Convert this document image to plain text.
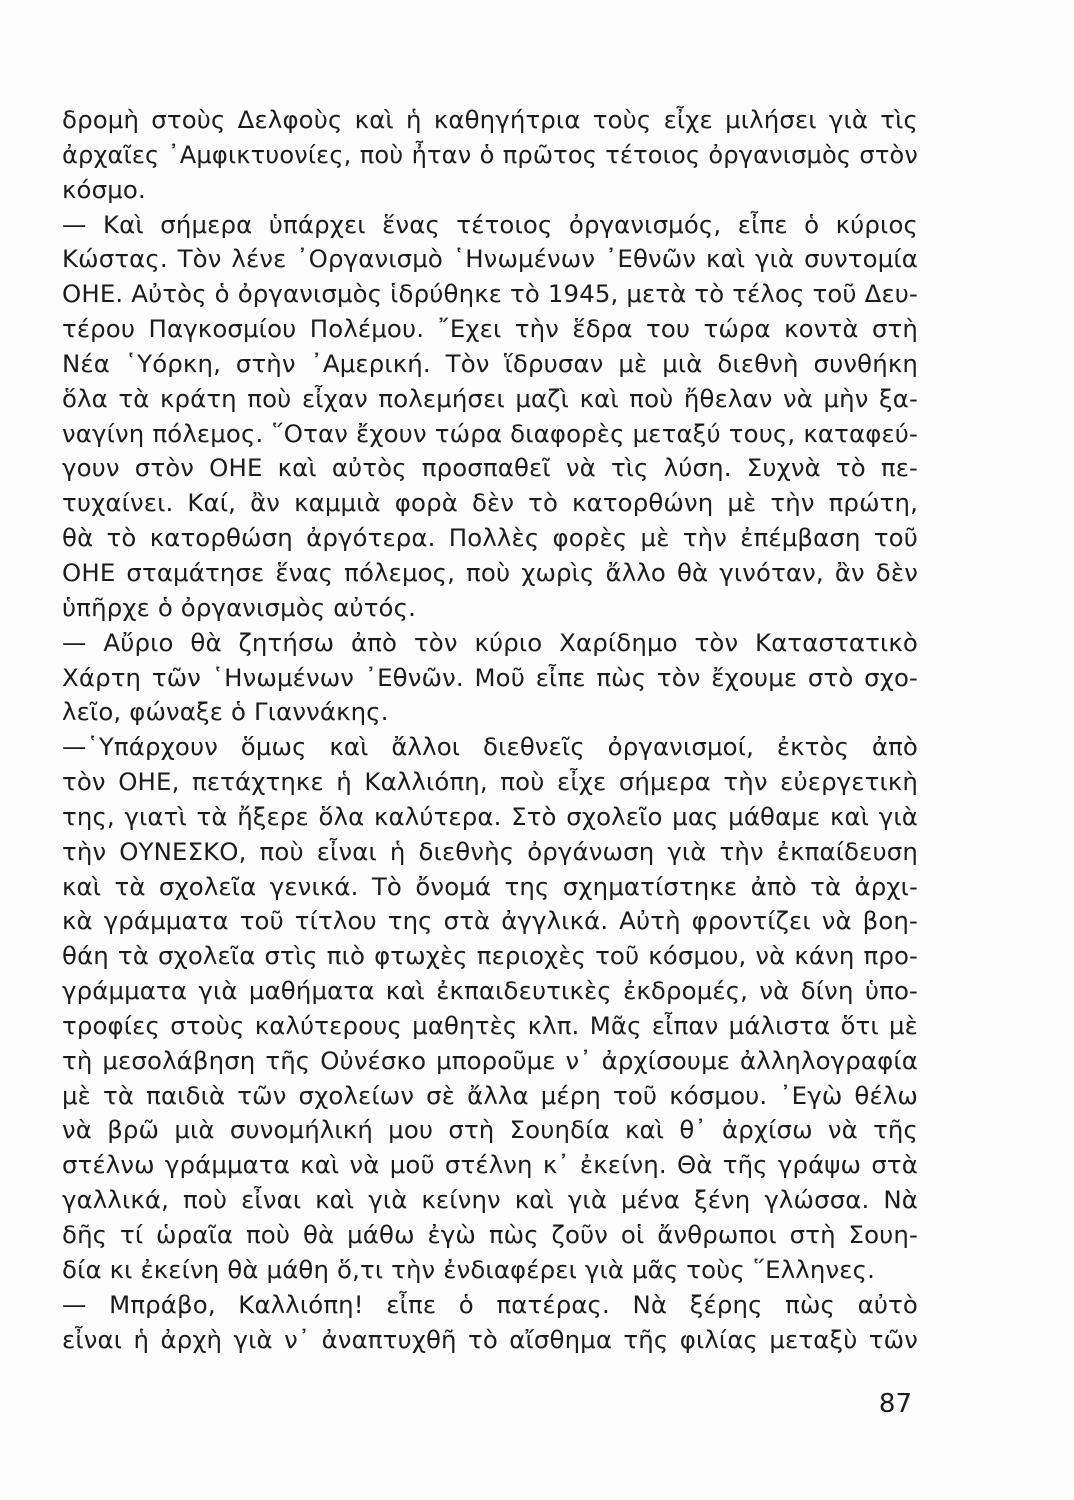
δρομὴ στοὺς Δελφοὺς καὶ ἡ καθηγήτρια τοὺς εἶχε μιλήσει γιὰ τὶς
ἀρχαῖες ᾿Αμφικτυονίες, ποὺ ἦταν ὁ πρῶτος τέτοιος ὀργανισμὸς στὸν
κόσμο.
— Καὶ σήμερα ὑπάρχει ἕνας τέτοιος ὀργανισμός, εἶπε ὁ κύριος
Κώστας. Τὸν λένε ᾿Οργανισμὸ ῾Ηνωμένων ᾿Εθνῶν καὶ γιὰ συντομία
ΟΗΕ. Αὐτὸς ὁ ὀργανισμὸς ἱδρύθηκε τὸ 1945, μετὰ τὸ τέλος τοῦ Δευ-
τέρου Παγκοσμίου Πολέμου. ῎Εχει τὴν ἕδρα του τώρα κοντὰ στὴ
Νέα ῾Υόρκη, στὴν ᾿Αμερική. Τὸν ἵδρυσαν μὲ μιὰ διεθνὴ συνθήκη
ὅλα τὰ κράτη ποὺ εἶχαν πολεμήσει μαζὶ καὶ ποὺ ἤθελαν νὰ μὴν ξα-
ναγίνη πόλεμος. ῞Οταν ἔχουν τώρα διαφορὲς μεταξύ τους, καταφεύ-
γουν στὸν ΟΗΕ καὶ αὐτὸς προσπαθεῖ νὰ τὶς λύση. Συχνὰ τὸ πε-
τυχαίνει. Καί, ἂν καμμιὰ φορὰ δὲν τὸ κατορθώνη μὲ τὴν πρώτη,
θὰ τὸ κατορθώση ἀργότερα. Πολλὲς φορὲς μὲ τὴν ἐπέμβαση τοῦ
ΟΗΕ σταμάτησε ἕνας πόλεμος, ποὺ χωρὶς ἄλλο θὰ γινόταν, ἂν δὲν
ὑπῆρχε ὁ ὀργανισμὸς αὐτός.
— Αὔριο θὰ ζητήσω ἀπὸ τὸν κύριο Χαρίδημο τὸν Καταστατικὸ
Χάρτη τῶν ῾Ηνωμένων ᾿Εθνῶν. Μοῦ εἶπε πὼς τὸν ἔχουμε στὸ σχο-
λεῖο, φώναξε ὁ Γιαννάκης.
—῾Υπάρχουν ὅμως καὶ ἄλλοι διεθνεῖς ὀργανισμοί, ἐκτὸς ἀπὸ
τὸν ΟΗΕ, πετάχτηκε ἡ Καλλιόπη, ποὺ εἶχε σήμερα τὴν εὐεργετικὴ
της, γιατὶ τὰ ἤξερε ὅλα καλύτερα. Στὸ σχολεῖο μας μάθαμε καὶ γιὰ
τὴν ΟΥΝΕΣΚΟ, ποὺ εἶναι ἡ διεθνὴς ὀργάνωση γιὰ τὴν ἐκπαίδευση
καὶ τὰ σχολεῖα γενικά. Τὸ ὄνομά της σχηματίστηκε ἀπὸ τὰ ἀρχι-
κὰ γράμματα τοῦ τίτλου της στὰ ἀγγλικά. Αὐτὴ φροντίζει νὰ βοη-
θάη τὰ σχολεῖα στὶς πιὸ φτωχὲς περιοχὲς τοῦ κόσμου, νὰ κάνη προ-
γράμματα γιὰ μαθήματα καὶ ἐκπαιδευτικὲς ἐκδρομές, νὰ δίνη ὑπο-
τροφίες στοὺς καλύτερους μαθητὲς κλπ. Μᾶς εἶπαν μάλιστα ὅτι μὲ
τὴ μεσολάβηση τῆς Οὐνέσκο μποροῦμε ν᾿ ἀρχίσουμε ἀλληλογραφία
μὲ τὰ παιδιὰ τῶν σχολείων σὲ ἄλλα μέρη τοῦ κόσμου. ᾿Εγὼ θέλω
νὰ βρῶ μιὰ συνομήλική μου στὴ Σουηδία καὶ θ᾿ ἀρχίσω νὰ τῆς
στέλνω γράμματα καὶ νὰ μοῦ στέλνη κ᾿ ἐκείνη. Θὰ τῆς γράψω στὰ
γαλλικά, ποὺ εἶναι καὶ γιὰ κείνην καὶ γιὰ μένα ξένη γλώσσα. Νὰ
δῆς τί ὡραῖα ποὺ θὰ μάθω ἐγὼ πὼς ζοῦν οἱ ἄνθρωποι στὴ Σουη-
δία κι ἐκείνη θὰ μάθη ὅ,τι τὴν ἐνδιαφέρει γιὰ μᾶς τοὺς ῞Ελληνες.
— Μπράβο, Καλλιόπη! εἶπε ὁ πατέρας. Νὰ ξέρης πὼς αὐτὸ
εἶναι ἡ ἀρχὴ γιὰ ν᾿ ἀναπτυχθῆ τὸ αἴσθημα τῆς φιλίας μεταξὺ τῶν
87
